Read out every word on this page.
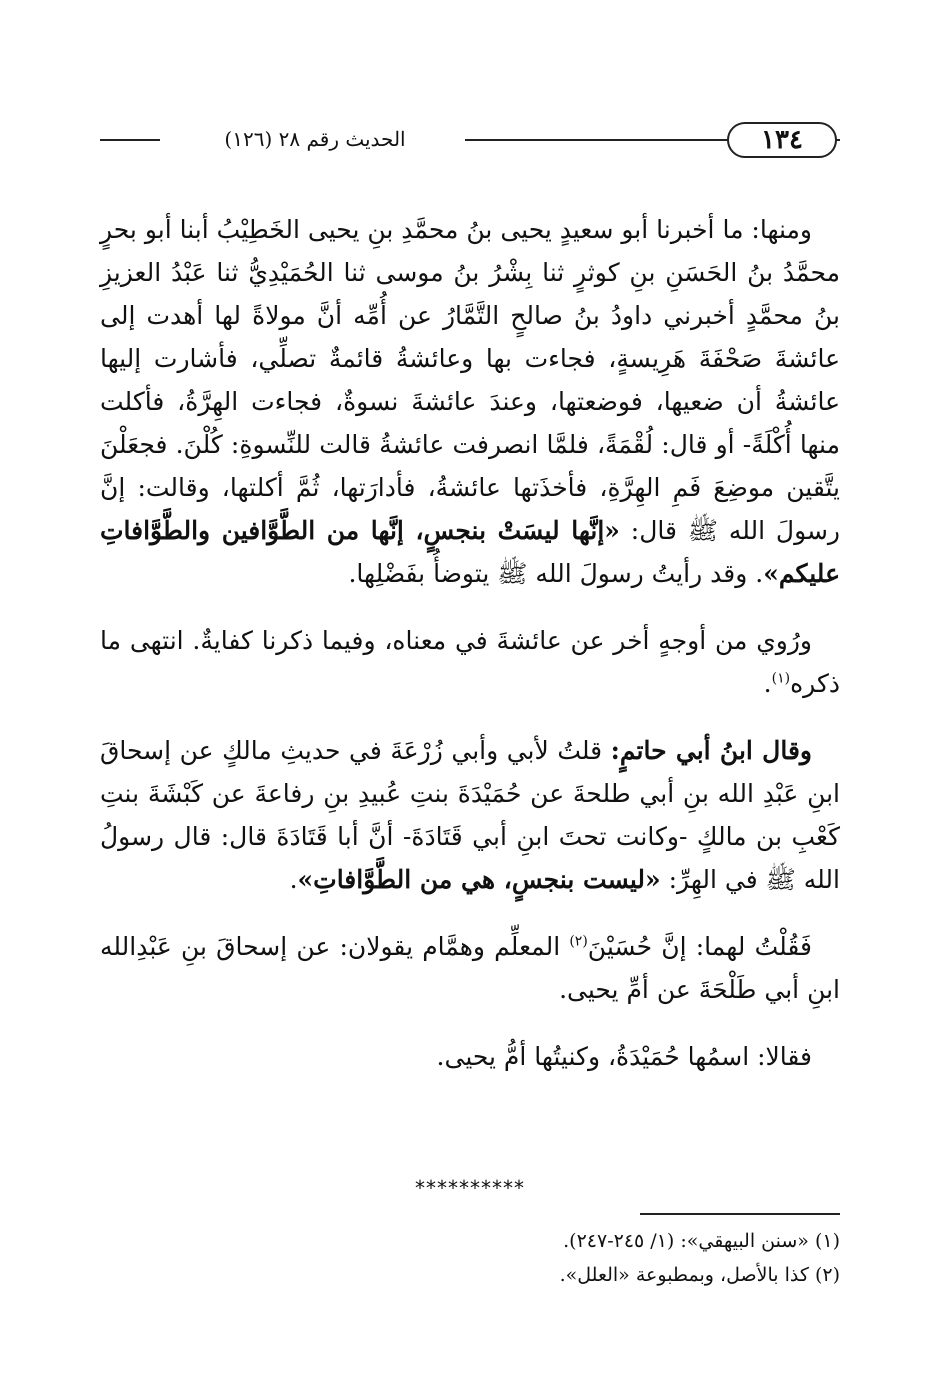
١٣٤
الحديث رقم ٢٨ (١٢٦)

ومنها: ما أخبرنا أبو سعيدٍ يحيى بنُ محمَّدِ بنِ يحيى الخَطِيْبُ أبنا أبو بحرٍ محمَّدُ بنُ الحَسَنِ بنِ كوثرٍ ثنا بِشْرُ بنُ موسى ثنا الحُمَيْدِيُّ ثنا عَبْدُ العزيزِ بنُ محمَّدٍ أخبرني داودُ بنُ صالحٍ التَّمَّارُ عن أُمِّه أنَّ مولاةً لها أهدت إلى عائشةَ صَحْفَةَ هَرِيسةٍ، فجاءت بها وعائشةُ قائمةٌ تصلِّي، فأشارت إليها عائشةُ أن ضعيها، فوضعتها، وعندَ عائشةَ نسوةٌ، فجاءت الهِرَّةُ، فأكلت منها أُكْلَةً- أو قال: لُقْمَةً، فلمَّا انصرفت عائشةُ قالت للنِّسوةِ: كُلْنَ. فجعَلْنَ يتَّقين موضِعَ فَمِ الهِرَّةِ، فأخذَتها عائشةُ، فأدارَتها، ثُمَّ أكلتها، وقالت: إنَّ رسولَ الله ﷺ قال: «إنَّها ليسَتْ بنجسٍ، إنَّها من الطَّوَّافين والطَّوَّافاتِ عليكم». وقد رأيتُ رسولَ الله ﷺ يتوضأُ بفَضْلِها.

ورُوي من أوجهٍ أخر عن عائشةَ في معناه، وفيما ذكرنا كفايةٌ. انتهى ما ذكره$^{(١)}$.

وقال ابنُ أبي حاتمٍ: قلتُ لأبي وأبي زُرْعَةَ في حديثِ مالكٍ عن إسحاقَ ابنِ عَبْدِ الله بنِ أبي طلحةَ عن حُمَيْدَةَ بنتِ عُبيدِ بنِ رفاعةَ عن كَبْشَةَ بنتِ كَعْبِ بن مالكٍ -وكانت تحتَ ابنِ أبي قَتَادَةَ- أنَّ أبا قَتَادَةَ قال: قال رسولُ الله ﷺ في الهِرِّ: «ليست بنجسٍ، هي من الطَّوَّافاتِ».

فَقُلْتُ لهما: إنَّ حُسَيْنَ$^{(٢)}$ المعلِّم وهمَّام يقولان: عن إسحاقَ بنِ عَبْدِالله ابنِ أبي طَلْحَةَ عن أمِّ يحيى.

فقالا: اسمُها حُمَيْدَةُ، وكنيتُها أمُّ يحيى.

**********

(١) «سنن البيهقي»: (١/ ٢٤٥-٢٤٧).

(٢) كذا بالأصل، وبمطبوعة «العلل».
